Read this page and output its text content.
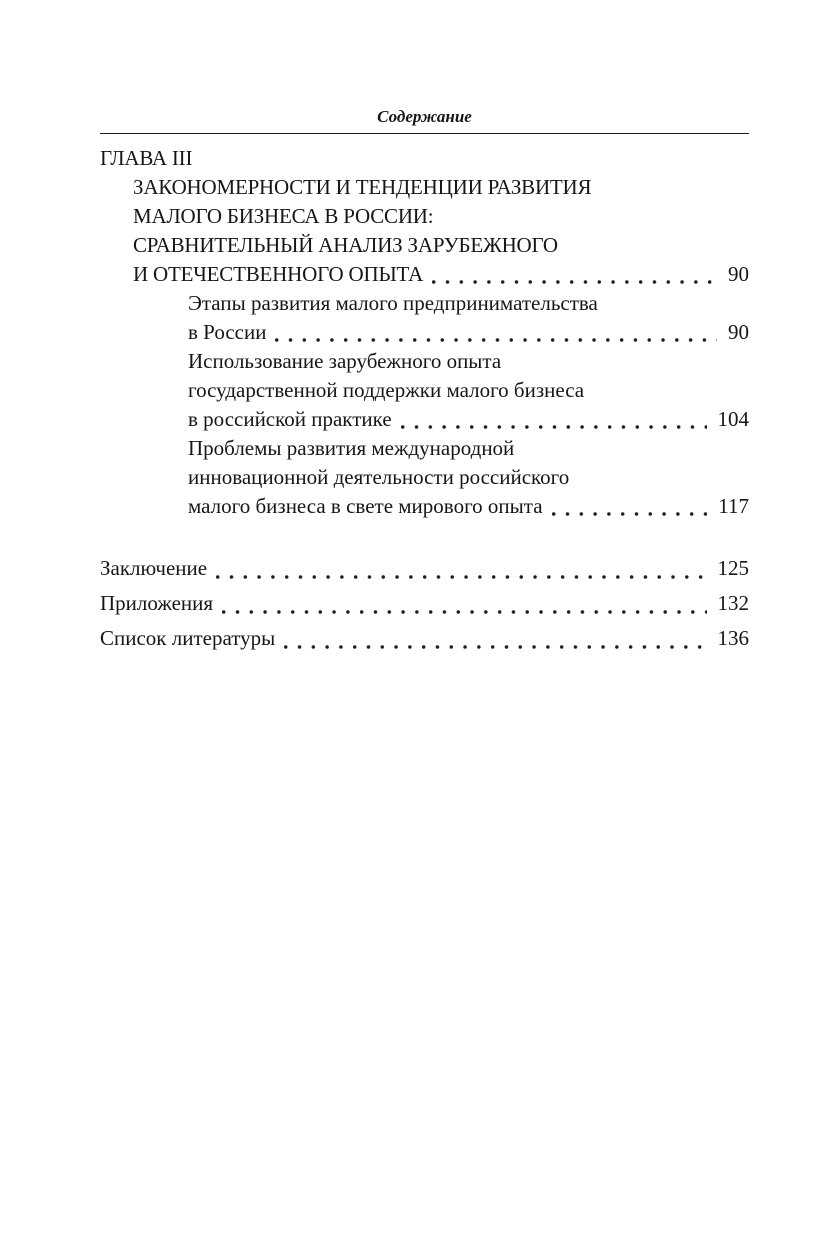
Содержание
ГЛАВА III
ЗАКОНОМЕРНОСТИ И ТЕНДЕНЦИИ РАЗВИТИЯ
МАЛОГО БИЗНЕСА В РОССИИ:
СРАВНИТЕЛЬНЫЙ АНАЛИЗ ЗАРУБЕЖНОГО
И ОТЕЧЕСТВЕННОГО ОПЫТА	90
Этапы развития малого предпринимательства
в России	90
Использование зарубежного опыта
государственной поддержки малого бизнеса
в российской практике	104
Проблемы развития международной
инновационной деятельности российского
малого бизнеса в свете мирового опыта	117
Заключение	125
Приложения	132
Список литературы	136
